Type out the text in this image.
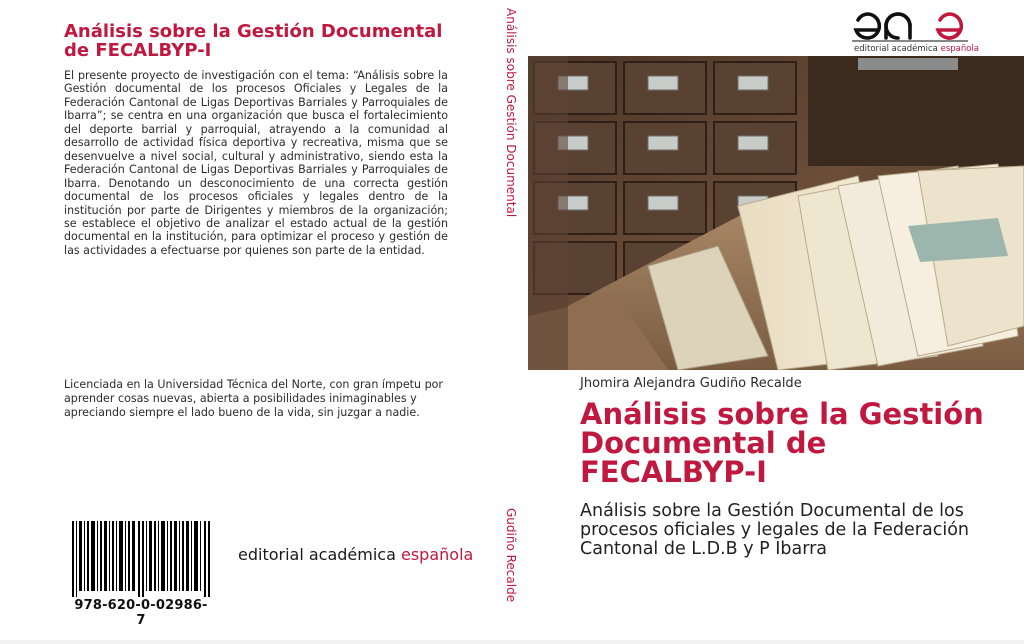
Análisis sobre la Gestión Documental de FECALBYP-I

El presente proyecto de investigación con el tema: “Análisis sobre la Gestión documental de los procesos Oficiales y Legales de la Federación Cantonal de Ligas Deportivas Barriales y Parroquiales de Ibarra”; se centra en una organización que busca el fortalecimiento del deporte barrial y parroquial, atrayendo a la comunidad al desarrollo de actividad física deportiva y recreativa, misma que se desenvuelve a nivel social, cultural y administrativo, siendo esta la Federación Cantonal de Ligas Deportivas Barriales y Parroquiales de Ibarra. Denotando un desconocimiento de una correcta gestión documental de los procesos oficiales y legales dentro de la institución por parte de Dirigentes y miembros de la organización; se establece el objetivo de analizar el estado actual de la gestión documental en la institución, para optimizar el proceso y gestión de las actividades a efectuarse por quienes son parte de la entidad.

Licenciada en la Universidad Técnica del Norte, con gran ímpetu por aprender cosas nuevas, abierta a posibilidades inimaginables y apreciando siempre el lado bueno de la vida, sin juzgar a nadie.

978-620-0-02986-7
editorial académica española
Análisis sobre Gestión Documental
Gudiño Recalde
editorial académica española
Jhomira Alejandra Gudiño Recalde
Análisis sobre la Gestión Documental de FECALBYP-I

Análisis sobre la Gestión Documental de los procesos oficiales y legales de la Federación Cantonal de L.D.B y P Ibarra
